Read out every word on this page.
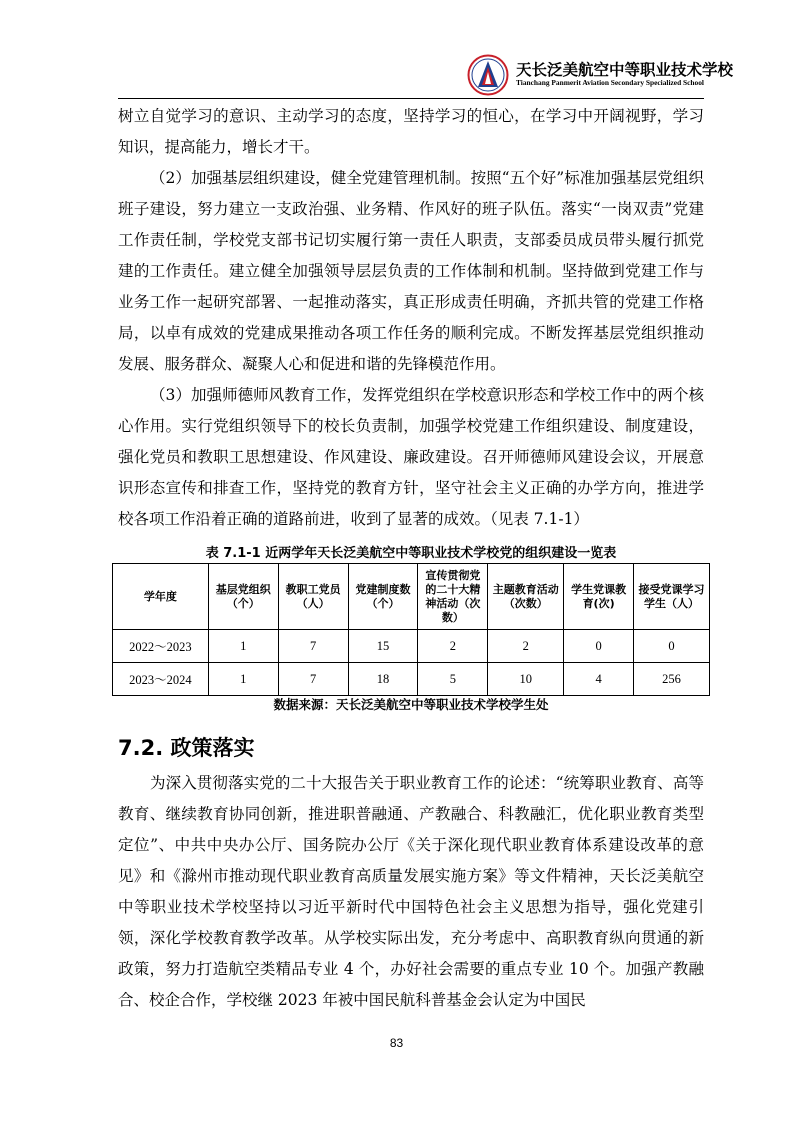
天长泛美航空中等职业技术学校
Tianchang Panmerit Aviation Secondary Specialized School

树立自觉学习的意识、主动学习的态度，坚持学习的恒心，在学习中开阔视野，学习知识，提高能力，增长才干。

（2）加强基层组织建设，健全党建管理机制。按照“五个好”标准加强基层党组织班子建设，努力建立一支政治强、业务精、作风好的班子队伍。落实“一岗双责”党建工作责任制，学校党支部书记切实履行第一责任人职责，支部委员成员带头履行抓党建的工作责任。建立健全加强领导层层负责的工作体制和机制。坚持做到党建工作与业务工作一起研究部署、一起推动落实，真正形成责任明确，齐抓共管的党建工作格局，以卓有成效的党建成果推动各项工作任务的顺利完成。不断发挥基层党组织推动发展、服务群众、凝聚人心和促进和谐的先锋模范作用。

（3）加强师德师风教育工作，发挥党组织在学校意识形态和学校工作中的两个核心作用。实行党组织领导下的校长负责制，加强学校党建工作组织建设、制度建设，强化党员和教职工思想建设、作风建设、廉政建设。召开师德师风建设会议，开展意识形态宣传和排查工作，坚持党的教育方针，坚守社会主义正确的办学方向，推进学校各项工作沿着正确的道路前进，收到了显著的成效。（见表 7.1-1）

表 7.1-1 近两学年天长泛美航空中等职业技术学校党的组织建设一览表
学年度	基层党组织（个）	教职工党员（人）	党建制度数（个）	宣传贯彻党的二十大精神活动（次数）	主题教育活动（次数）	学生党课教育(次)	接受党课学习学生（人）
2022～2023	1	7	15	2	2	0	0
2023～2024	1	7	18	5	10	4	256
数据来源：天长泛美航空中等职业技术学校学生处
7.2. 政策落实

为深入贯彻落实党的二十大报告关于职业教育工作的论述：“统筹职业教育、高等教育、继续教育协同创新，推进职普融通、产教融合、科教融汇，优化职业教育类型定位”、中共中央办公厅、国务院办公厅《关于深化现代职业教育体系建设改革的意见》和《滁州市推动现代职业教育高质量发展实施方案》等文件精神，天长泛美航空中等职业技术学校坚持以习近平新时代中国特色社会主义思想为指导，强化党建引领，深化学校教育教学改革。从学校实际出发，充分考虑中、高职教育纵向贯通的新政策，努力打造航空类精品专业 4 个，办好社会需要的重点专业 10 个。加强产教融合、校企合作，学校继 2023 年被中国民航科普基金会认定为中国民

83
